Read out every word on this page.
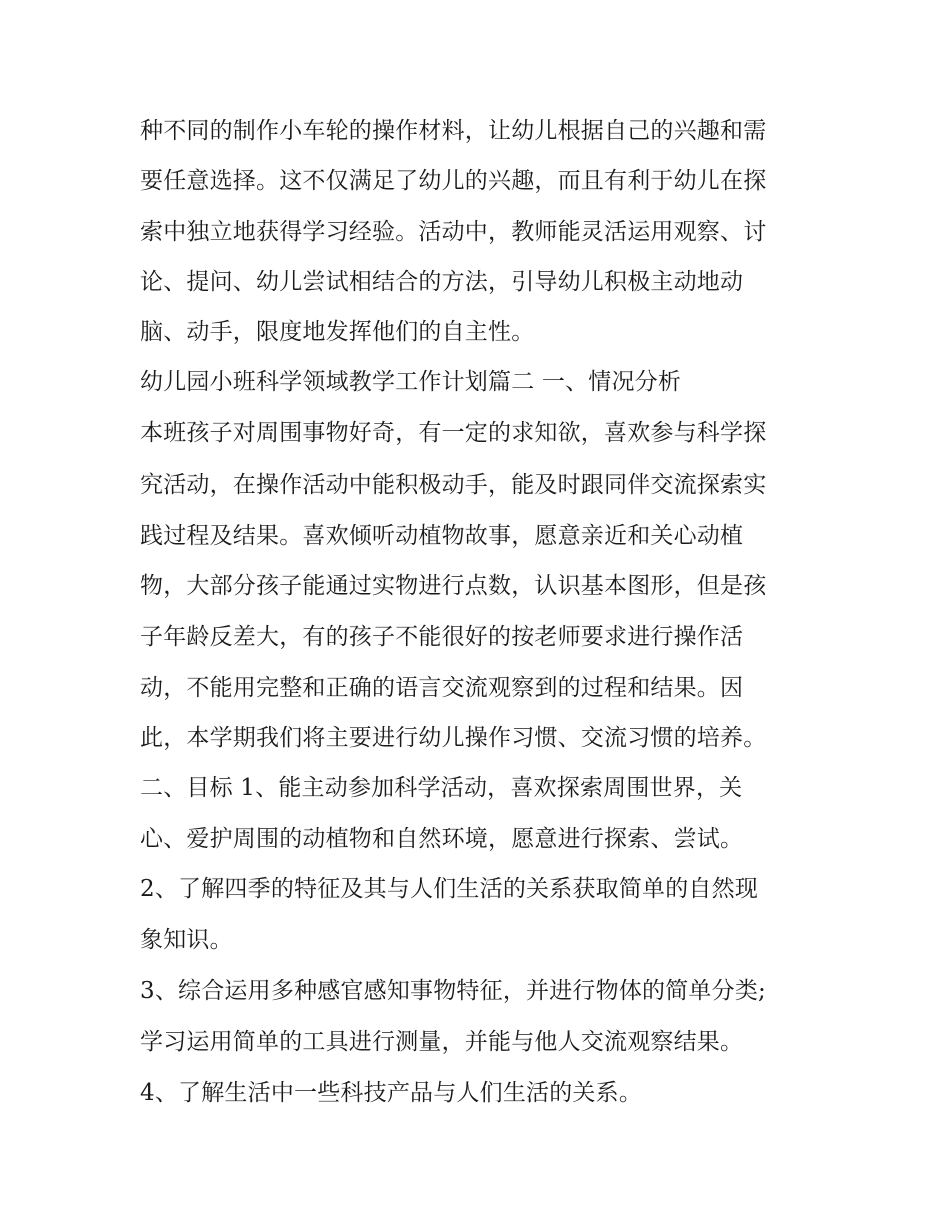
种不同的制作小车轮的操作材料，让幼儿根据自己的兴趣和需
要任意选择。这不仅满足了幼儿的兴趣，而且有利于幼儿在探
索中独立地获得学习经验。活动中，教师能灵活运用观察、讨
论、提问、幼儿尝试相结合的方法，引导幼儿积极主动地动
脑、动手，限度地发挥他们的自主性。
幼儿园小班科学领域教学工作计划篇二 一、情况分析
本班孩子对周围事物好奇，有一定的求知欲，喜欢参与科学探
究活动，在操作活动中能积极动手，能及时跟同伴交流探索实
践过程及结果。喜欢倾听动植物故事，愿意亲近和关心动植
物，大部分孩子能通过实物进行点数，认识基本图形，但是孩
子年龄反差大，有的孩子不能很好的按老师要求进行操作活
动，不能用完整和正确的语言交流观察到的过程和结果。因
此，本学期我们将主要进行幼儿操作习惯、交流习惯的培养。
二、目标 1、能主动参加科学活动，喜欢探索周围世界，关
心、爱护周围的动植物和自然环境，愿意进行探索、尝试。
2、了解四季的特征及其与人们生活的关系获取简单的自然现
象知识。
3、综合运用多种感官感知事物特征，并进行物体的简单分类;
学习运用简单的工具进行测量，并能与他人交流观察结果。
4、了解生活中一些科技产品与人们生活的关系。
